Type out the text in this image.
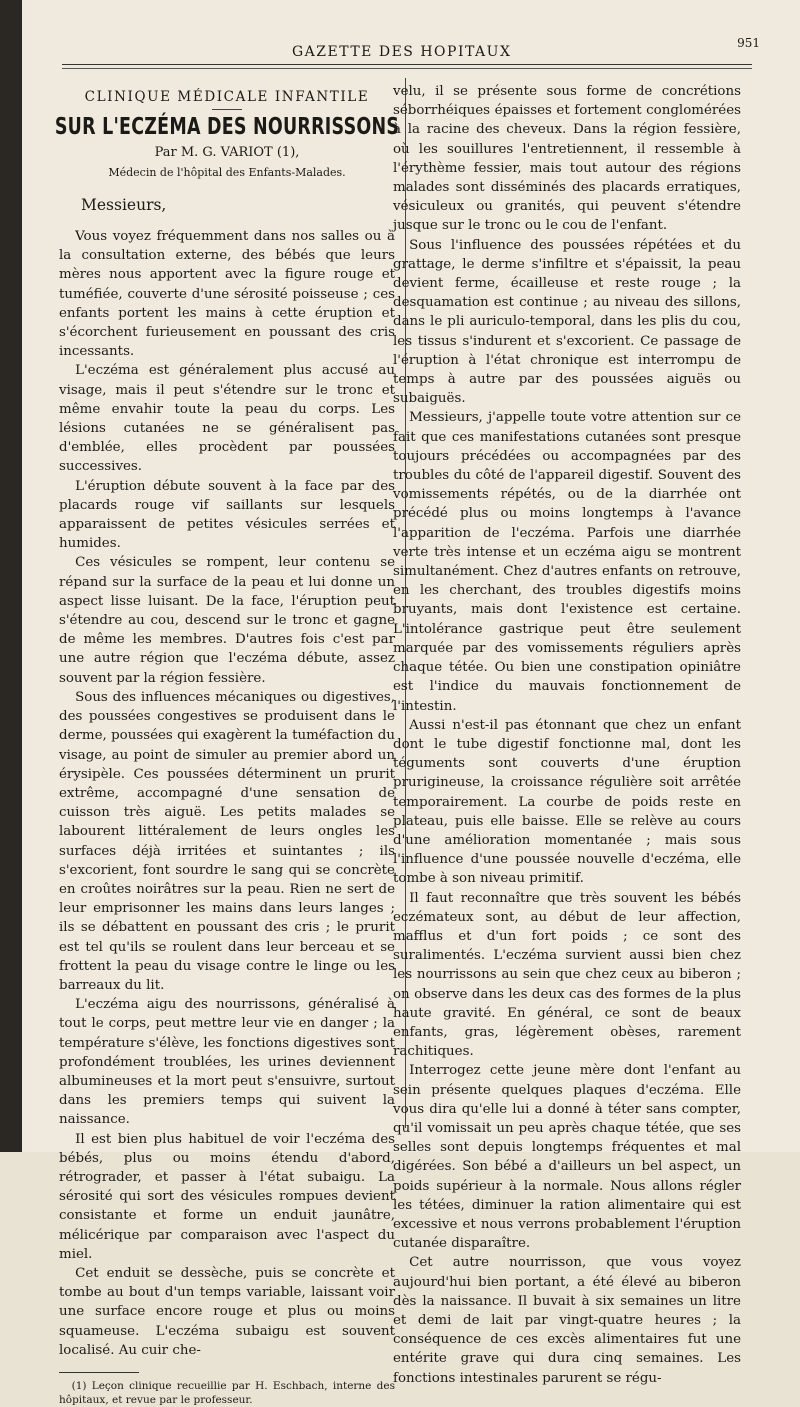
GAZETTE DES HOPITAUX
951
CLINIQUE MÉDICALE INFANTILE
SUR L'ECZÉMA DES NOURRISSONS
Par M. G. VARIOT (1),
Médecin de l'hôpital des Enfants-Malades.
Messieurs,

Vous voyez fréquemment dans nos salles ou à la consultation externe, des bébés que leurs mères nous apportent avec la figure rouge et tuméfiée, couverte d'une sérosité poisseuse ; ces enfants portent les mains à cette éruption et s'écorchent furieusement en poussant des cris incessants.

L'eczéma est généralement plus accusé au visage, mais il peut s'étendre sur le tronc et même envahir toute la peau du corps. Les lésions cutanées ne se généralisent pas d'emblée, elles procèdent par poussées successives.

L'éruption débute souvent à la face par des placards rouge vif saillants sur lesquels apparaissent de petites vésicules serrées et humides.

Ces vésicules se rompent, leur contenu se répand sur la surface de la peau et lui donne un aspect lisse luisant. De la face, l'éruption peut s'étendre au cou, descend sur le tronc et gagne de même les membres. D'autres fois c'est par une autre région que l'eczéma débute, assez souvent par la région fessière.

Sous des influences mécaniques ou digestives, des poussées congestives se produisent dans le derme, poussées qui exagèrent la tuméfaction du visage, au point de simuler au premier abord un érysipèle. Ces poussées déterminent un prurit extrême, accompagné d'une sensation de cuisson très aiguë. Les petits malades se labourent littéralement de leurs ongles les surfaces déjà irritées et suintantes ; ils s'excorient, font sourdre le sang qui se concrète en croûtes noirâtres sur la peau. Rien ne sert de leur emprisonner les mains dans leurs langes ; ils se débattent en poussant des cris ; le prurit est tel qu'ils se roulent dans leur berceau et se frottent la peau du visage contre le linge ou les barreaux du lit.

L'eczéma aigu des nourrissons, généralisé à tout le corps, peut mettre leur vie en danger ; la température s'élève, les fonctions digestives sont profondément troublées, les urines deviennent albumineuses et la mort peut s'ensuivre, surtout dans les premiers temps qui suivent la naissance.

Il est bien plus habituel de voir l'eczéma des bébés, plus ou moins étendu d'abord, rétrograder, et passer à l'état subaigu. La sérosité qui sort des vésicules rompues devient consistante et forme un enduit jaunâtre, mélicérique par comparaison avec l'aspect du miel.

Cet enduit se dessèche, puis se concrète et tombe au bout d'un temps variable, laissant voir une surface encore rouge et plus ou moins squameuse. L'eczéma subaigu est souvent localisé. Au cuir che-

(1) Leçon clinique recueillie par H. Eschbach, interne des hôpitaux, et revue par le professeur.

velu, il se présente sous forme de concrétions séborrhéiques épaisses et fortement conglomérées à la racine des cheveux. Dans la région fessière, où les souillures l'entretiennent, il ressemble à l'érythème fessier, mais tout autour des régions malades sont disséminés des placards erratiques, vésiculeux ou granités, qui peuvent s'étendre jusque sur le tronc ou le cou de l'enfant.

Sous l'influence des poussées répétées et du grattage, le derme s'infiltre et s'épaissit, la peau devient ferme, écailleuse et reste rouge ; la desquamation est continue ; au niveau des sillons, dans le pli auriculo-temporal, dans les plis du cou, les tissus s'indurent et s'excorient. Ce passage de l'éruption à l'état chronique est interrompu de temps à autre par des poussées aiguës ou subaiguës.

Messieurs, j'appelle toute votre attention sur ce fait que ces manifestations cutanées sont presque toujours précédées ou accompagnées par des troubles du côté de l'appareil digestif. Souvent des vomissements répétés, ou de la diarrhée ont précédé plus ou moins longtemps à l'avance l'apparition de l'eczéma. Parfois une diarrhée verte très intense et un eczéma aigu se montrent simultanément. Chez d'autres enfants on retrouve, en les cherchant, des troubles digestifs moins bruyants, mais dont l'existence est certaine. L'intolérance gastrique peut être seulement marquée par des vomissements réguliers après chaque tétée. Ou bien une constipation opiniâtre est l'indice du mauvais fonctionnement de l'intestin.

Aussi n'est-il pas étonnant que chez un enfant dont le tube digestif fonctionne mal, dont les téguments sont couverts d'une éruption prurigineuse, la croissance régulière soit arrêtée temporairement. La courbe de poids reste en plateau, puis elle baisse. Elle se relève au cours d'une amélioration momentanée ; mais sous l'influence d'une poussée nouvelle d'eczéma, elle tombe à son niveau primitif.

Il faut reconnaître que très souvent les bébés eczémateux sont, au début de leur affection, mafflus et d'un fort poids ; ce sont des suralimentés. L'eczéma survient aussi bien chez les nourrissons au sein que chez ceux au biberon ; on observe dans les deux cas des formes de la plus haute gravité. En général, ce sont de beaux enfants, gras, légèrement obèses, rarement rachitiques.

Interrogez cette jeune mère dont l'enfant au sein présente quelques plaques d'eczéma. Elle vous dira qu'elle lui a donné à téter sans compter, qu'il vomissait un peu après chaque tétée, que ses selles sont depuis longtemps fréquentes et mal digérées. Son bébé a d'ailleurs un bel aspect, un poids supérieur à la normale. Nous allons régler les tétées, diminuer la ration alimentaire qui est excessive et nous verrons probablement l'éruption cutanée disparaître.

Cet autre nourrisson, que vous voyez aujourd'hui bien portant, a été élevé au biberon dès la naissance. Il buvait à six semaines un litre et demi de lait par vingt-quatre heures ; la conséquence de ces excès alimentaires fut une entérite grave qui dura cinq semaines. Les fonctions intestinales parurent se régu-
